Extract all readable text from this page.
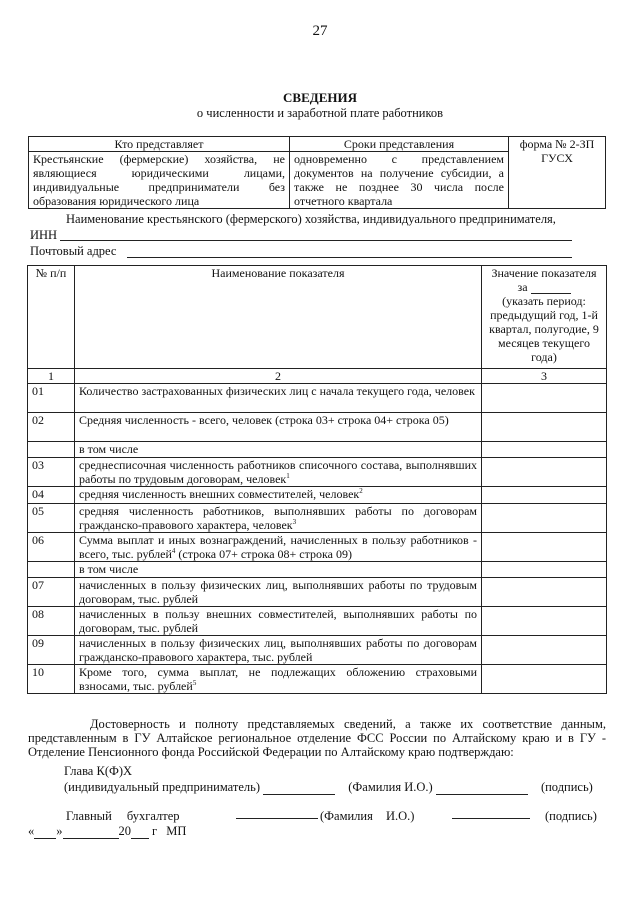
27
СВЕДЕНИЯ
о численности и заработной плате работников
Кто представляет	Сроки представления	форма № 2-ЗП ГУСХ
Крестьянские (фермерские) хозяйства, не являющиеся юридическими лицами, индивидуальные предприниматели без образования юридического лица	одновременно с представлением документов на получение субсидии, а также не позднее 30 числа после отчетного квартала	
Наименование крестьянского (фермерского) хозяйства, индивидуального предпринимателя,
ИНН
Почтовый адрес
№ п/п	Наименование показателя	Значение показателя
за
(указать период: предыдущий год, 1-й квартал, полугодие, 9 месяцев текущего года)

1	2	3
01	Количество застрахованных физических лиц с начала текущего года, человек	
02	Средняя численность - всего, человек (строка 03+ строка 04+ строка 05)	
	в том числе	
03	среднесписочная численность работников списочного состава, выполнявших работы по трудовым договорам, человек$^1$	
04	средняя численность внешних совместителей, человек$^2$	
05	средняя численность работников, выполнявших работы по договорам гражданско-правового характера, человек$^3$	
06	Сумма выплат и иных вознаграждений, начисленных в пользу работников - всего, тыс. рублей$^4$ (строка 07+ строка 08+ строка 09)	
	в том числе	
07	начисленных в пользу физических лиц, выполнявших работы по трудовым договорам, тыс. рублей	
08	начисленных в пользу внешних совместителей, выполнявших работы по договорам, тыс. рублей	
09	начисленных в пользу физических лиц, выполнявших работы по договорам гражданско-правового характера, тыс. рублей	
10	Кроме того, сумма выплат, не подлежащих обложению страховыми взносами, тыс. рублей$^5$	
Достоверность и полноту представляемых сведений, а также их соответствие данным, представленным в ГУ Алтайское региональное отделение ФСС России по Алтайскому краю и в ГУ - Отделение Пенсионного фонда Российской Федерации по Алтайскому краю подтверждаю:
Глава К(Ф)Х
(индивидуальный предприниматель)	(Фамилия И.О.)	(подпись)
Главный бухгалтер	(Фамилия И.О.)	(подпись)
« »	20 г МП
